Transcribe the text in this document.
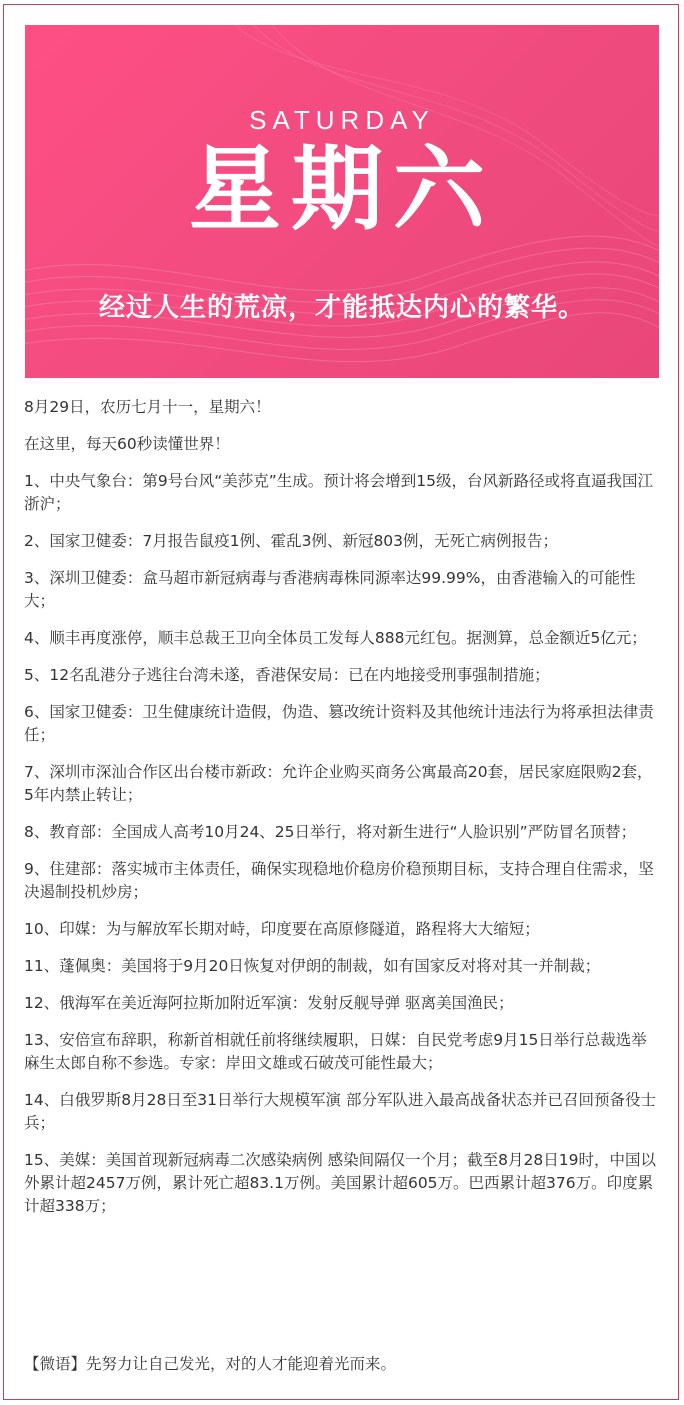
SATURDAY
星期六
经过人生的荒凉，才能抵达内心的繁华。

8月29日，农历七月十一，星期六！

在这里，每天60秒读懂世界！

1、中央气象台：第9号台风“美莎克”生成。预计将会增到15级，台风新路径或将直逼我国江浙沪；

2、国家卫健委：7月报告鼠疫1例、霍乱3例、新冠803例，无死亡病例报告；

3、深圳卫健委：盒马超市新冠病毒与香港病毒株同源率达99.99%，由香港输入的可能性大；

4、顺丰再度涨停，顺丰总裁王卫向全体员工发每人888元红包。据测算，总金额近5亿元；

5、12名乱港分子逃往台湾未遂，香港保安局：已在内地接受刑事强制措施；

6、国家卫健委：卫生健康统计造假，伪造、篡改统计资料及其他统计违法行为将承担法律责任；

7、深圳市深汕合作区出台楼市新政：允许企业购买商务公寓最高20套，居民家庭限购2套，5年内禁止转让；

8、教育部：全国成人高考10月24、25日举行，将对新生进行“人脸识别”严防冒名顶替；

9、住建部：落实城市主体责任，确保实现稳地价稳房价稳预期目标，支持合理自住需求，坚决遏制投机炒房；

10、印媒：为与解放军长期对峙，印度要在高原修隧道，路程将大大缩短；

11、蓬佩奥：美国将于9月20日恢复对伊朗的制裁，如有国家反对将对其一并制裁；

12、俄海军在美近海阿拉斯加附近军演：发射反舰导弹 驱离美国渔民；

13、安倍宣布辞职，称新首相就任前将继续履职，日媒：自民党考虑9月15日举行总裁选举 麻生太郎自称不参选。专家：岸田文雄或石破茂可能性最大；

14、白俄罗斯8月28日至31日举行大规模军演 部分军队进入最高战备状态并已召回预备役士兵；

15、美媒：美国首现新冠病毒二次感染病例 感染间隔仅一个月；截至8月28日19时，中国以外累计超2457万例，累计死亡超83.1万例。美国累计超605万。巴西累计超376万。印度累计超338万；

【微语】先努力让自己发光，对的人才能迎着光而来。
